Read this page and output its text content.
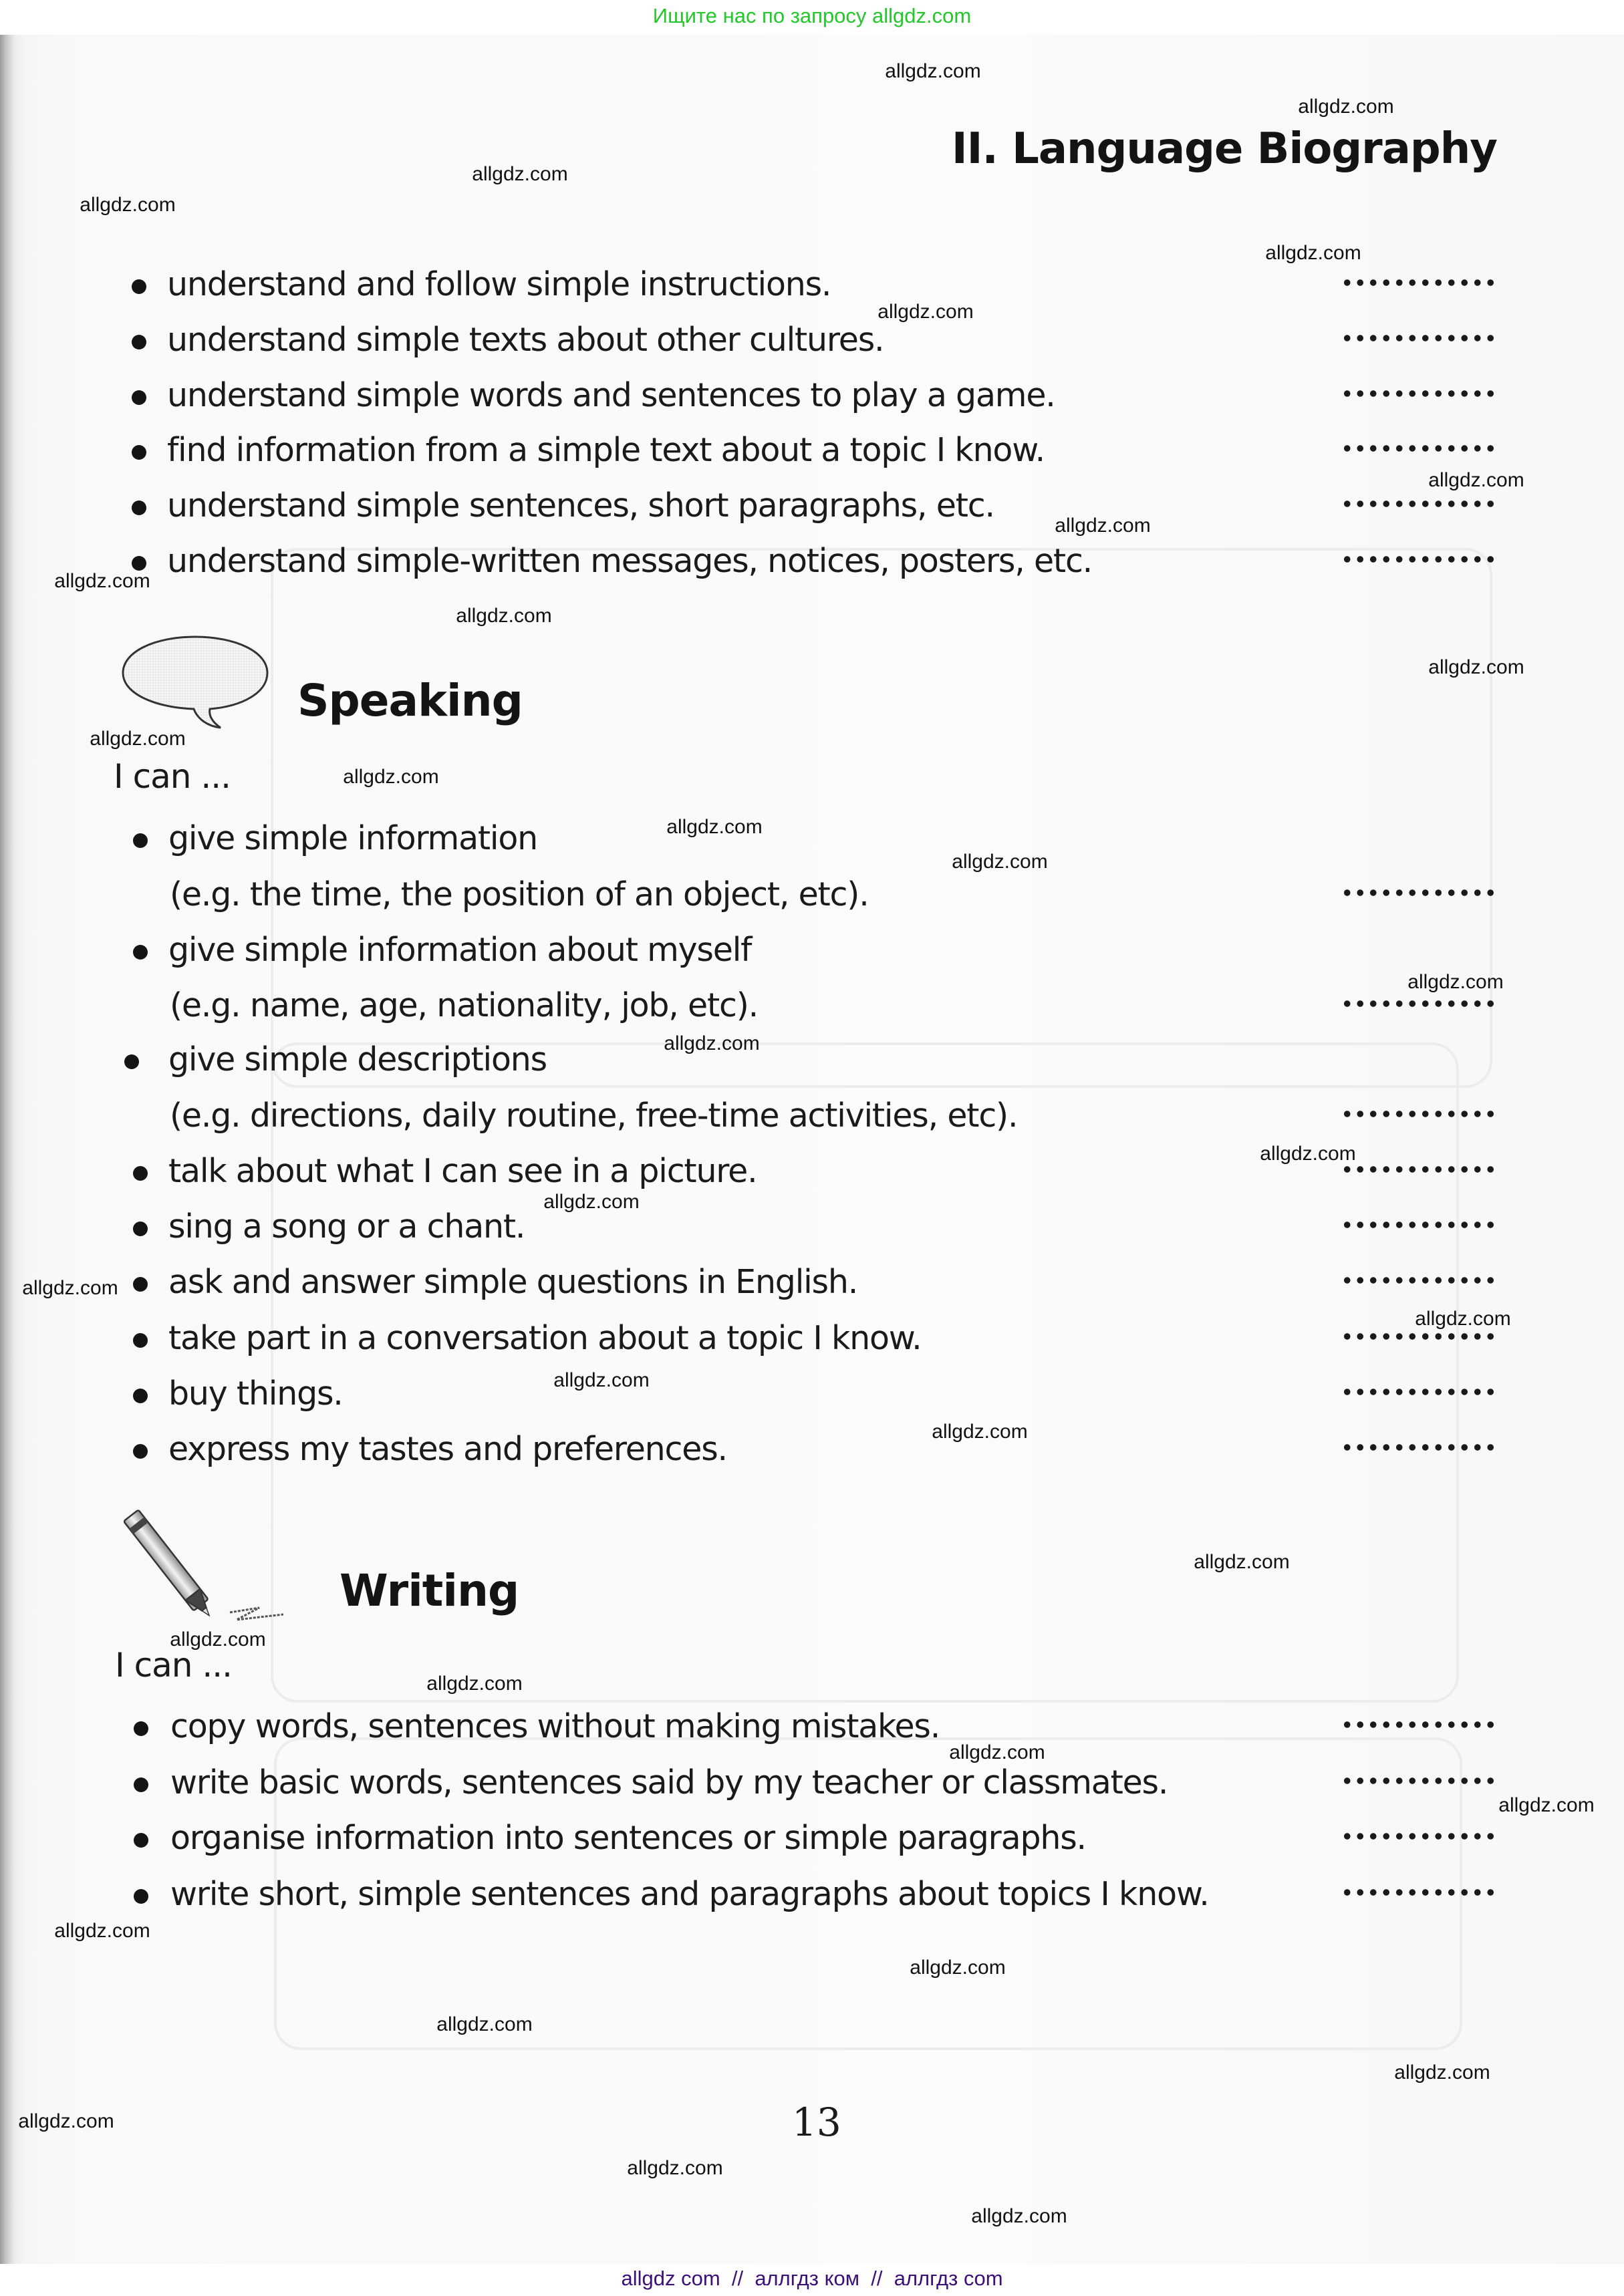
Ищите нас по запросу allgdz.com
II. Language Biography
understand and follow simple instructions.
understand simple texts about other cultures.
understand simple words and sentences to play a game.
find information from a simple text about a topic I know.
understand simple sentences, short paragraphs, etc.
understand simple-written messages, notices, posters, etc.
Speaking
I can ...
give simple information
(e.g. the time, the position of an object, etc).
give simple information about myself
(e.g. name, age, nationality, job, etc).
give simple descriptions
(e.g. directions, daily routine, free-time activities, etc).
talk about what I can see in a picture.
sing a song or a chant.
ask and answer simple questions in English.
take part in a conversation about a topic I know.
buy things.
express my tastes and preferences.
Writing
I can ...
copy words, sentences without making mistakes.
write basic words, sentences said by my teacher or classmates.
organise information into sentences or simple paragraphs.
write short, simple sentences and paragraphs about topics I know.
13
allgdz.com
allgdz.com
allgdz.com
allgdz.com
allgdz.com
allgdz.com
allgdz.com
allgdz.com
allgdz.com
allgdz.com
allgdz.com
allgdz.com
allgdz.com
allgdz.com
allgdz.com
allgdz.com
allgdz.com
allgdz.com
allgdz.com
allgdz.com
allgdz.com
allgdz.com
allgdz.com
allgdz.com
allgdz.com
allgdz.com
allgdz.com
allgdz.com
allgdz.com
allgdz.com
allgdz.com
allgdz.com
allgdz.com
allgdz.com
allgdz.com
allgdz com  //  аллгдз ком  //  аллгдз com
